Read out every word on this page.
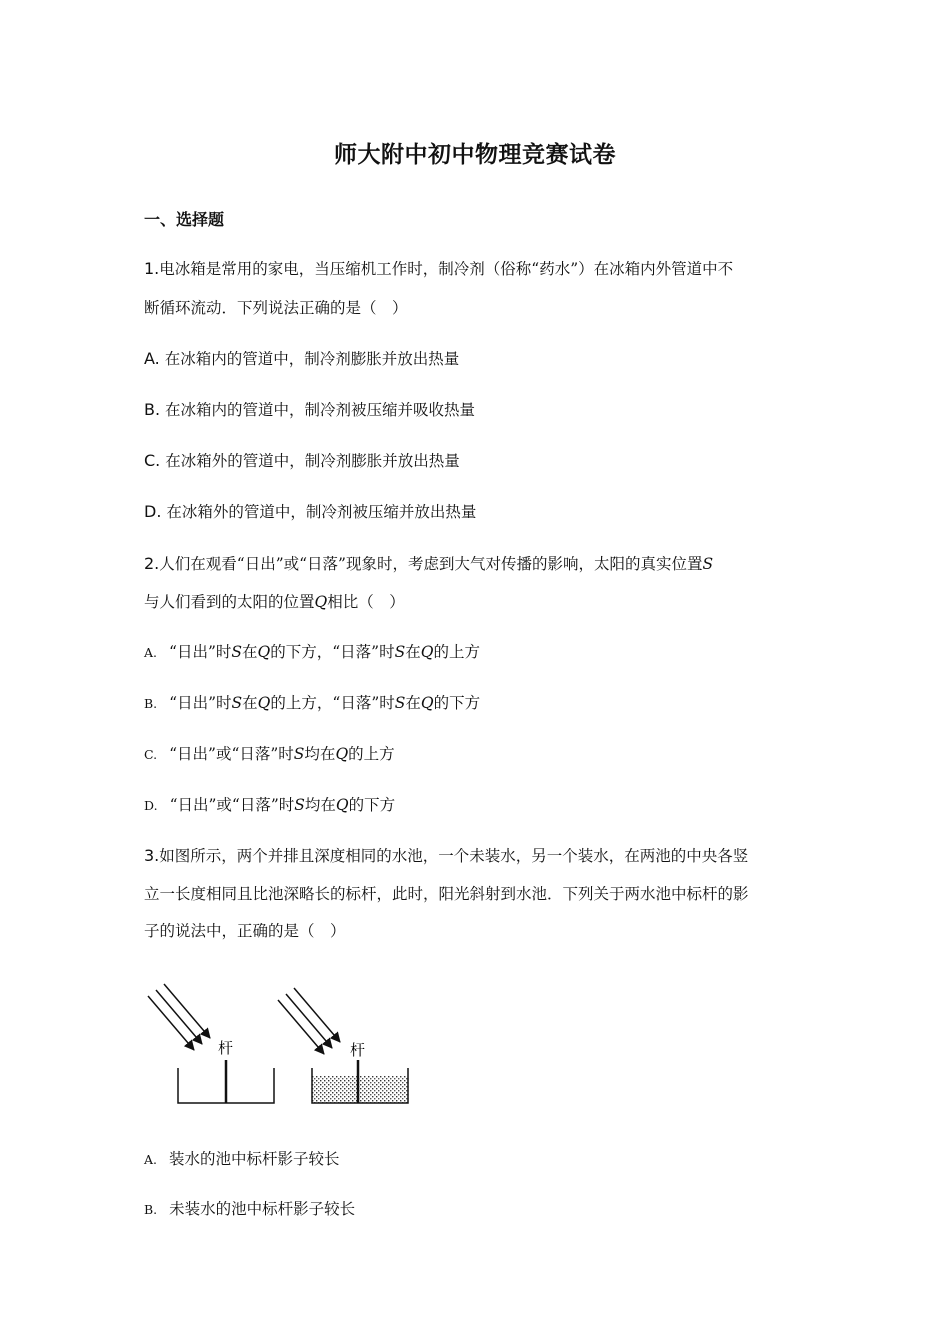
师大附中初中物理竞赛试卷
一、选择题
1.电冰箱是常用的家电，当压缩机工作时，制冷剂（俗称“药水”）在冰箱内外管道中不
断循环流动．下列说法正确的是（　）
A. 在冰箱内的管道中，制冷剂膨胀并放出热量
B. 在冰箱内的管道中，制冷剂被压缩并吸收热量
C. 在冰箱外的管道中，制冷剂膨胀并放出热量
D. 在冰箱外的管道中，制冷剂被压缩并放出热量
2.人们在观看“日出”或“日落”现象时，考虑到大气对传播的影响，太阳的真实位置S
与人们看到的太阳的位置Q相比（　）
A. “日出”时S在Q的下方，“日落”时S在Q的上方
B. “日出”时S在Q的上方，“日落”时S在Q的下方
C. “日出”或“日落”时S均在Q的上方
D. “日出”或“日落”时S均在Q的下方
3.如图所示，两个并排且深度相同的水池，一个未装水，另一个装水，在两池的中央各竖
立一长度相同且比池深略长的标杆，此时，阳光斜射到水池．下列关于两水池中标杆的影
子的说法中，正确的是（　）
杆	杆
A. 装水的池中标杆影子较长
B. 未装水的池中标杆影子较长
